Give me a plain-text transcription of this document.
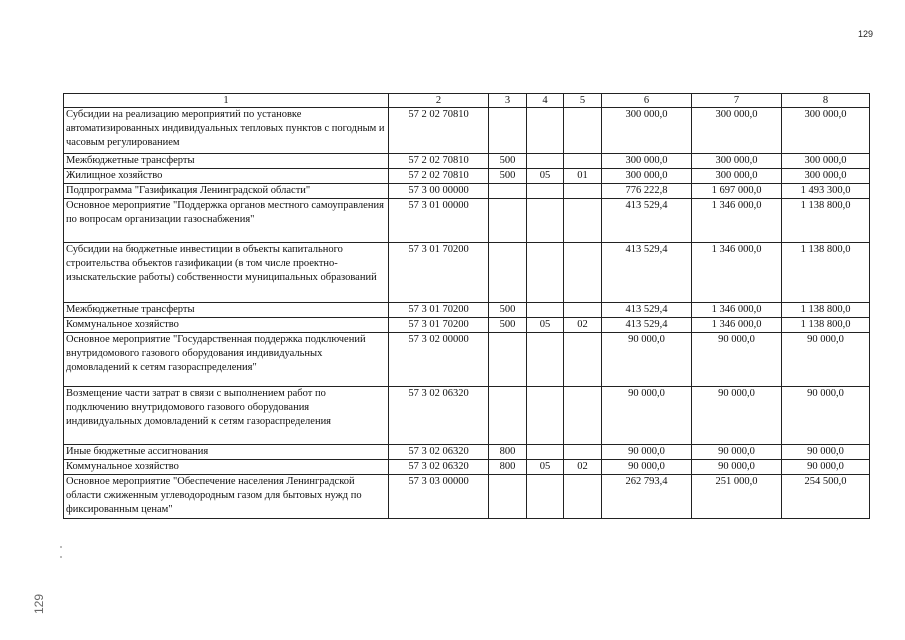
129
1	2	3	4	5	6	7	8
Субсидии на реализацию мероприятий по установке автоматизированных индивидуальных тепловых пунктов с погодным и часовым регулированием	57 2 02 70810				300 000,0	300 000,0	300 000,0
Межбюджетные трансферты	57 2 02 70810	500			300 000,0	300 000,0	300 000,0
Жилищное хозяйство	57 2 02 70810	500	05	01	300 000,0	300 000,0	300 000,0
Подпрограмма "Газификация Ленинградской области"	57 3 00 00000				776 222,8	1 697 000,0	1 493 300,0
Основное мероприятие "Поддержка органов местного самоуправления по вопросам организации газоснабжения"	57 3 01 00000				413 529,4	1 346 000,0	1 138 800,0
Субсидии на бюджетные инвестиции в объекты капитального строительства объектов газификации (в том числе проектно-изыскательские работы) собственности муниципальных образований	57 3 01 70200				413 529,4	1 346 000,0	1 138 800,0
Межбюджетные трансферты	57 3 01 70200	500			413 529,4	1 346 000,0	1 138 800,0
Коммунальное хозяйство	57 3 01 70200	500	05	02	413 529,4	1 346 000,0	1 138 800,0
Основное мероприятие "Государственная поддержка подключений внутридомового газового оборудования индивидуальных домовладений к сетям газораспределения"	57 3 02 00000				90 000,0	90 000,0	90 000,0
Возмещение части затрат в связи с выполнением работ по подключению внутридомового газового оборудования индивидуальных домовладений к сетям газораспределения	57 3 02 06320				90 000,0	90 000,0	90 000,0
Иные бюджетные ассигнования	57 3 02 06320	800			90 000,0	90 000,0	90 000,0
Коммунальное хозяйство	57 3 02 06320	800	05	02	90 000,0	90 000,0	90 000,0
Основное мероприятие "Обеспечение населения Ленинградской области сжиженным углеводородным газом для бытовых нужд по фиксированным ценам"	57 3 03 00000				262 793,4	251 000,0	254 500,0
129
